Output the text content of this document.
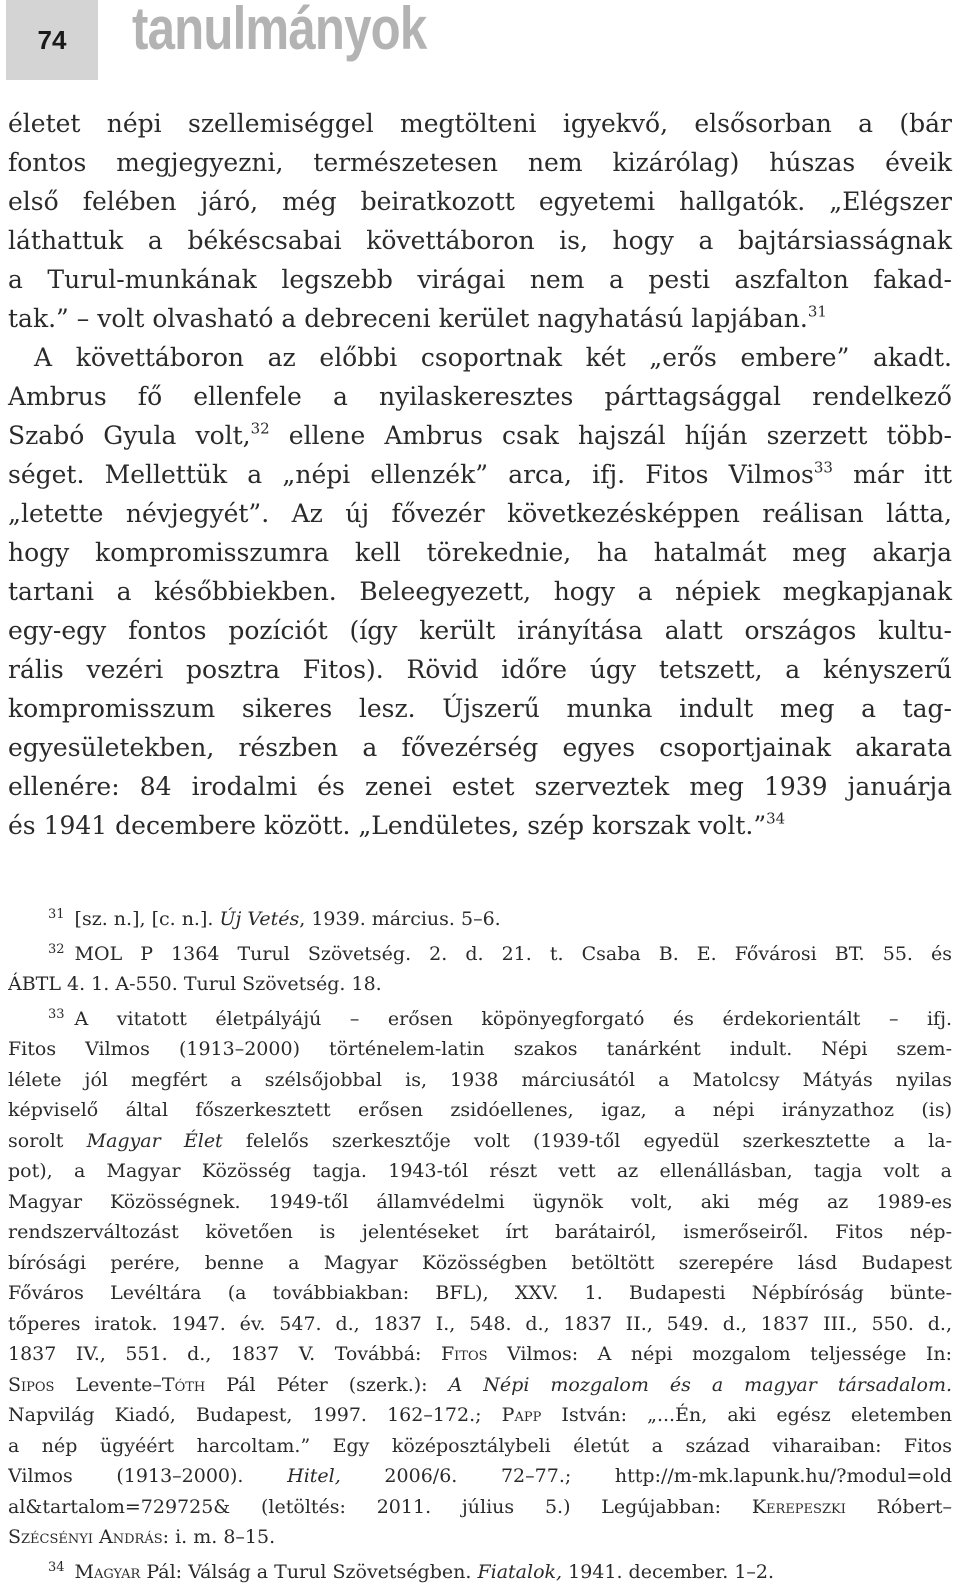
74 tanulmányok

életet népi szellemiséggel megtölteni igyekvő, elsősorban a (bár

fontos megjegyezni, természetesen nem kizárólag) húszas éveik

első felében járó, még beiratkozott egyetemi hallgatók. „Elégszer

láthattuk a békéscsabai követtáboron is, hogy a bajtársiasságnak

a Turul-munkának legszebb virágai nem a pesti aszfalton fakad-

tak.” – volt olvasható a debreceni kerület nagyhatású lapjában.$^{31}$

A követtáboron az előbbi csoportnak két „erős embere” akadt.

Ambrus fő ellenfele a nyilaskeresztes párttagsággal rendelkező

Szabó Gyula volt,$^{32}$ ellene Ambrus csak hajszál híján szerzett több-

séget. Mellettük a „népi ellenzék” arca, ifj. Fitos Vilmos$^{33}$ már itt

„letette névjegyét”. Az új fővezér következésképpen reálisan látta,

hogy kompromisszumra kell törekednie, ha hatalmát meg akarja

tartani a későbbiekben. Beleegyezett, hogy a népiek megkapjanak

egy-egy fontos pozíciót (így került irányítása alatt országos kultu-

rális vezéri posztra Fitos). Rövid időre úgy tetszett, a kényszerű

kompromisszum sikeres lesz. Újszerű munka indult meg a tag-

egyesületekben, részben a fővezérség egyes csoportjainak akarata

ellenére: 84 irodalmi és zenei estet szerveztek meg 1939 januárja

és 1941 decembere között. „Lendületes, szép korszak volt.”$^{34}$

$^{31}$ [sz. n.], [c. n.]. Új Vetés, 1939. március. 5–6.

$^{32}$ MOL P 1364 Turul Szövetség. 2. d. 21. t. Csaba B. E. Fővárosi BT. 55. és

ÁBTL 4. 1. A-550. Turul Szövetség. 18.

$^{33}$ A vitatott életpályájú – erősen köpönyegforgató és érdekorientált – ifj.

Fitos Vilmos (1913–2000) történelem-latin szakos tanárként indult. Népi szem-

lélete jól megfért a szélsőjobbal is, 1938 márciusától a Matolcsy Mátyás nyilas

képviselő által főszerkesztett erősen zsidóellenes, igaz, a népi irányzathoz (is)

sorolt Magyar Élet felelős szerkesztője volt (1939-től egyedül szerkesztette a la-

pot), a Magyar Közösség tagja. 1943-tól részt vett az ellenállásban, tagja volt a

Magyar Közösségnek. 1949-től államvédelmi ügynök volt, aki még az 1989-es

rendszerváltozást követően is jelentéseket írt barátairól, ismerőseiről. Fitos nép-

bírósági perére, benne a Magyar Közösségben betöltött szerepére lásd Budapest

Főváros Levéltára (a továbbiakban: BFL), XXV. 1. Budapesti Népbíróság büntе-

tőperes iratok. 1947. év. 547. d., 1837 I., 548. d., 1837 II., 549. d., 1837 III., 550. d.,

1837 IV., 551. d., 1837 V. Továbbá: Fitos Vilmos: A népi mozgalom teljessége In:

Sipos Levente–Tóth Pál Péter (szerk.): A Népi mozgalom és a magyar társadalom.

Napvilág Kiadó, Budapest, 1997. 162–172.; Papp István: „...Én, aki egész eletemben

a nép ügyéért harcoltam.” Egy középosztálybeli életút a század viharaiban: Fitos

Vilmos (1913–2000). Hitel, 2006/6. 72–77.; http://m-mk.lapunk.hu/?modul=old

al&tartalom=729725& (letöltés: 2011. július 5.) Legújabban: Kerepeszki Róbert–

Szécsényi András: i. m. 8–15.

$^{34}$ Magyar Pál: Válság a Turul Szövetségben. Fiatalok, 1941. december. 1–2.
